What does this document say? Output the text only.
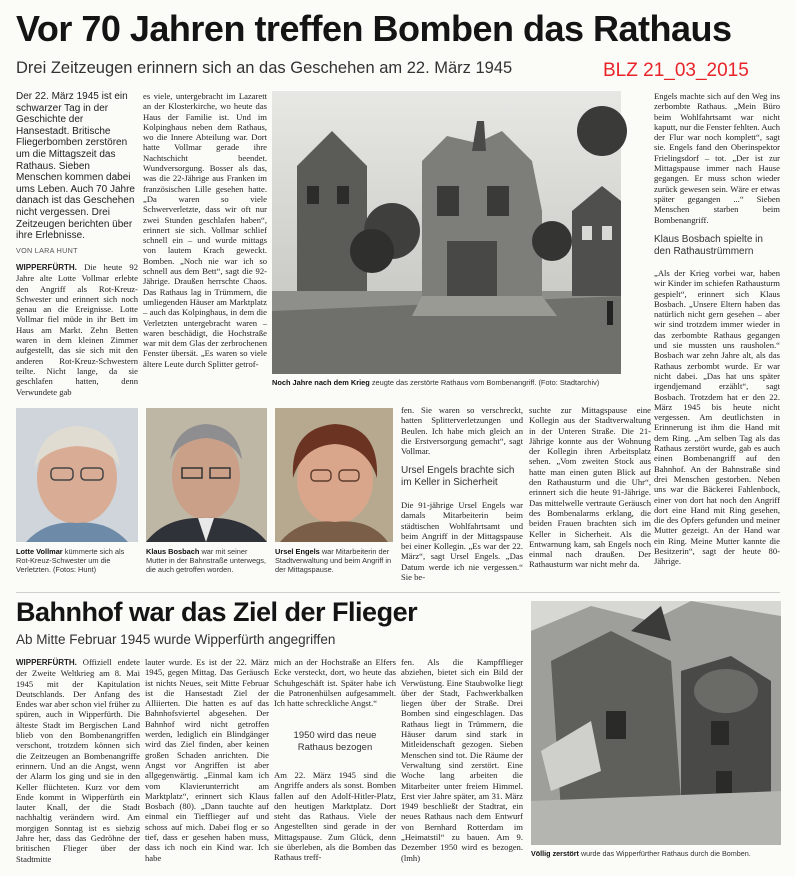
Vor 70 Jahren treffen Bomben das Rathaus
Drei Zeitzeugen erinnern sich an das Geschehen am 22. März 1945	BLZ 21_03_2015
Der 22. März 1945 ist ein schwarzer Tag in der Geschichte der Hansestadt. Britische Fliegerbomben zerstören um die Mittagszeit das Rathaus. Sieben Menschen kommen dabei ums Leben. Auch 70 Jahre danach ist das Geschehen nicht vergessen. Drei Zeitzeugen berichten über ihre Erlebnisse.
VON LARA HUNT
WIPPERFÜRTH. Die heute 92 Jahre alte Lotte Vollmar erlebte den Angriff als Rot-Kreuz-Schwester und erinnert sich noch genau an die Ereignisse. Lotte Vollmar fiel müde in ihr Bett im Haus am Markt. Zehn Betten waren in dem kleinen Zimmer aufgestellt, das sie sich mit den anderen Rot-Kreuz-Schwestern teilte. Nicht lange, da sie geschlafen hatten, denn Verwundete gab
es viele, untergebracht im Lazarett an der Klosterkirche, wo heute das Haus der Familie ist. Und im Kolpinghaus neben dem Rathaus, wo die Innere Abteilung war. Dort hatte Vollmar gerade ihre Nachtschicht beendet. Wundversorgung. Bosser als das, was die 22-Jährige aus Franken im französischen Lille gesehen hatte. „Da waren so viele Schwerverletzte, dass wir oft nur zwei Stunden geschlafen haben“, erinnert sie sich. Vollmar schlief schnell ein – und wurde mittags von lautem Krach geweckt. Bomben. „Noch nie war ich so schnell aus dem Bett“, sagt die 92-Jährige. Draußen herrschte Chaos. Das Rathaus lag in Trümmern, die umliegenden Häuser am Marktplatz – auch das Kolpinghaus, in dem die Verletzten untergebracht waren – waren beschädigt, die Hochstraße war mit dem Glas der zerbrochenen Fenster übersät. „Es waren so viele ältere Leute durch Splitter getrof-
Noch Jahre nach dem Krieg zeugte das zerstörte Rathaus vom Bombenangriff. (Foto: Stadtarchiv)
Engels machte sich auf den Weg ins zerbombte Rathaus. „Mein Büro beim Wohlfahrtsamt war nicht kaputt, nur die Fenster fehlten. Auch der Flur war noch komplett“, sagt sie. Engels fand den Oberinspektor Frielingsdorf – tot. „Der ist zur Mittagspause immer nach Hause gegangen. Er muss schon wieder zurück gewesen sein. Wäre er etwas später gegangen ...“ Sieben Menschen starben beim Bombenangriff.
Klaus Bosbach spielte in den Rathaustrümmern
„Als der Krieg vorbei war, haben wir Kinder im schiefen Rathausturm gespielt“, erinnert sich Klaus Bosbach. „Unsere Eltern haben das natürlich nicht gern gesehen – aber wir sind trotzdem immer wieder in das zerbombte Rathaus gegangen und sie mussten uns rausholen.“ Bosbach war zehn Jahre alt, als das Rathaus zerbombt wurde. Er war nicht dabei. „Das hat uns später irgendjemand erzählt“, sagt Bosbach. Trotzdem hat er den 22. März 1945 bis heute nicht vergessen. Am deutlichsten in Erinnerung ist ihm die Hand mit dem Ring. „Am selben Tag als das Rathaus zerstört wurde, gab es auch einen Bombenangriff auf den Bahnhof. An der Bahnstraße sind drei Menschen gestorben. Neben uns war die Bäckerei Fahlenbock, einer von dort hat noch den Angriff dort eine Hand mit Ring gesehen, die des Opfers gefunden und meiner Mutter gezeigt. An der Hand war ein Ring. Meine Mutter kannte die Besitzerin“, sagt der heute 80-Jährige.
Lotte Vollmar kümmerte sich als Rot-Kreuz-Schwester um die Verletzten. (Fotos: Hunt)
Klaus Bosbach war mit seiner Mutter in der Bahnstraße unterwegs, die auch getroffen worden.
Ursel Engels war Mitarbeiterin der Stadtverwaltung und beim Angriff in der Mittagspause.
fen. Sie waren so verschreckt, hatten Splitterverletzungen und Beulen. Ich habe mich gleich an die Erstversorgung gemacht“, sagt Vollmar.
Ursel Engels brachte sich im Keller in Sicherheit
Die 91-jährige Ursel Engels war damals Mitarbeiterin beim städtischen Wohlfahrtsamt und beim Angriff in der Mittagspause bei einer Kollegin. „Es war der 22. März“, sagt Ursel Engels. „Das Datum werde ich nie vergessen.“ Sie be-
suchte zur Mittagspause eine Kollegin aus der Stadtverwaltung in der Unteren Straße. Die 21-Jährige konnte aus der Wohnung der Kollegin ihren Arbeitsplatz sehen. „Vom zweiten Stock aus hatte man einen guten Blick auf den Rathausturm und die Uhr“, erinnert sich die heute 91-Jährige. Das mittelwelle vertraute Geräusch des Bombenalarms erklang, die beiden Frauen brachten sich im Keller in Sicherheit. Als die Entwarnung kam, sah Engels noch einmal nach draußen. Der Rathausturm war nicht mehr da.
Bahnhof war das Ziel der Flieger
Ab Mitte Februar 1945 wurde Wipperfürth angegriffen
WIPPERFÜRTH. Offiziell endete der Zweite Weltkrieg am 8. Mai 1945 mit der Kapitulation Deutschlands. Der Anfang des Endes war aber schon viel früher zu spüren, auch in Wipperfürth. Die älteste Stadt im Bergischen Land blieb von den Bombenangriffen verschont, trotzdem können sich die Zeitzeugen an Bombenangriffe erinnern. Und an die Angst, wenn der Alarm los ging und sie in den Keller flüchteten. Kurz vor dem Ende kommt in Wipperfürth ein lauter Knall, der die Stadt nachhaltig verändern wird. Am morgigen Sonntag ist es siebzig Jahre her, dass das Gedröhne der britischen Flieger über der Stadtmitte
lauter wurde. Es ist der 22. März 1945, gegen Mittag. Das Geräusch ist nichts Neues, seit Mitte Februar ist die Hansestadt Ziel der Alliierten. Die hatten es auf das Bahnhofsviertel abgesehen. Der Bahnhof wird nicht getroffen werden, lediglich ein Blindgänger wird das Ziel finden, aber keinen großen Schaden anrichten. Die Angst vor Angriffen ist aber allgegenwärtig. „Einmal kam ich vom Klavierunterricht am Marktplatz“, erinnert sich Klaus Bosbach (80). „Dann tauchte auf einmal ein Tiefflieger auf und schoss auf mich. Dabei flog er so tief, dass er gesehen haben muss, dass ich noch ein Kind war. Ich habe
mich an der Hochstraße an Elfers Ecke versteckt, dort, wo heute das Schuhgeschäft ist. Später habe ich die Patronenhülsen aufgesammelt. Ich hatte schreckliche Angst.“
1950 wird das neue Rathaus bezogen
Am 22. März 1945 sind die Angriffe anders als sonst. Bomben fallen auf den Adolf-Hitler-Platz, den heutigen Marktplatz. Dort steht das Rathaus. Viele der Angestellten sind gerade in der Mittagspause. Zum Glück, denn sie überleben, als die Bomben das Rathaus treff-
fen. Als die Kampfflieger abziehen, bietet sich ein Bild der Verwüstung. Eine Staubwolke liegt über der Stadt, Fachwerkbalken liegen über der Straße. Drei Bomben sind eingeschlagen. Das Rathaus liegt in Trümmern, die Häuser darum sind stark in Mitleidenschaft gezogen. Sieben Menschen sind tot. Die Räume der Verwaltung sind zerstört. Eine Woche lang arbeiten die Mitarbeiter unter freiem Himmel. Erst vier Jahre später, am 31. März 1949 beschließt der Stadtrat, ein neues Rathaus nach dem Entwurf von Bernhard Rotterdam im „Heimatstil“ zu bauen. Am 9. Dezember 1950 wird es bezogen. (lmh)	Völlig zerstört wurde das Wipperfürther Rathaus durch die Bomben.
